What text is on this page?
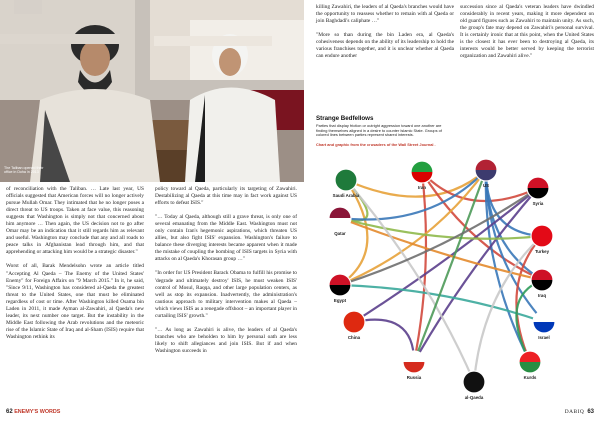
The Taliban opened their office in Doha in 2013

of reconciliation with the Taliban. … Late last year, US officials suggested that American forces will no longer actively pursue Mullah Omar. They intimated that he no longer poses a direct threat to US troops. Taken at face value, this reasoning suggests that Washington is simply not that concerned about him anymore … Then again, the US decision not to go after Omar may be an indication that it still regards him as relevant and useful. Washington may conclude that any and all roads to peace talks in Afghanistan lead through him, and that apprehending or attacking him would be a strategic disaster."

Worst of all, Barak Mendelsohn wrote an article titled "Accepting Al Qaeda – The Enemy of the United States' Enemy" for Foreign Affairs on "9 March 2015." In it, he said, "Since 9/11, Washington has considered al-Qaeda the greatest threat to the United States, one that must be eliminated regardless of cost or time. After Washington killed Osama bin Laden in 2011, it made Ayman al-Zawahiri, al Qaeda's new leader, its next number one target. But the instability in the Middle East following the Arab revolutions and the meteoric rise of the Islamic State of Iraq and al-Sham (ISIS) require that Washington rethink its

policy toward al Qaeda, particularly its targeting of Zawahiri. Destabilizing al Qaeda at this time may in fact work against US efforts to defeat ISIS."

"… Today al Qaeda, although still a grave threat, is only one of several emanating from the Middle East. Washington must not only contain Iran's hegemonic aspirations, which threaten US allies, but also fight ISIS' expansion. Washington's failure to balance these diverging interests became apparent when it made the mistake of coupling the bombing of ISIS targets in Syria with attacks on al Qaeda's Khorasan group …"

"In order for US President Barack Obama to fulfill his promise to 'degrade and ultimately destroy' ISIS, he must weaken ISIS' control of Mosul, Raqqa, and other large population centers, as well as stop its expansion. Inadvertently, the administration's cautious approach to military intervention makes al Qaeda – which views ISIS as a renegade offshoot – an important player in curtailing ISIS' growth."

"… As long as Zawahiri is alive, the leaders of al Qaeda's branches who are beholden to him by personal oath are less likely to shift allegiances and join ISIS. But if and when Washington succeeds in

killing Zawahiri, the leaders of al Qaeda's branches would have the opportunity to reassess whether to remain with al Qaeda or join Baghdadi's caliphate …"

"More so than during the bin Laden era, al Qaeda's cohesiveness depends on the ability of its leadership to hold the various franchises together, and it is unclear whether al Qaeda can endure another

succession since al Qaeda's veteran leaders have dwindled considerably in recent years, making it more dependent on old guard figures such as Zawahiri to maintain unity. As such, the group's fate may depend on Zawahiri's personal survival. It is certainly ironic that at this point, when the United States is the closest it has ever been to destroying al Qaeda, its interests would be better served by keeping the terrorist organization and Zawahiri alive."

Strange Bedfellows
Parties that display friction or outright aggression toward one another are finding themselves aligned in a desire to counter Islamic State. Groups of colored lines between parties represent shared interests.
Chart and graphic from the crusaders of the Wall Street Journal .
Saudi Arabia
Iran	US
Syria
Qatar
Turkey
Egypt
Iraq
China	Israel
Russia	Kurds
al-Qaeda
62 ENEMY'S WORDS	DABIQ 63
